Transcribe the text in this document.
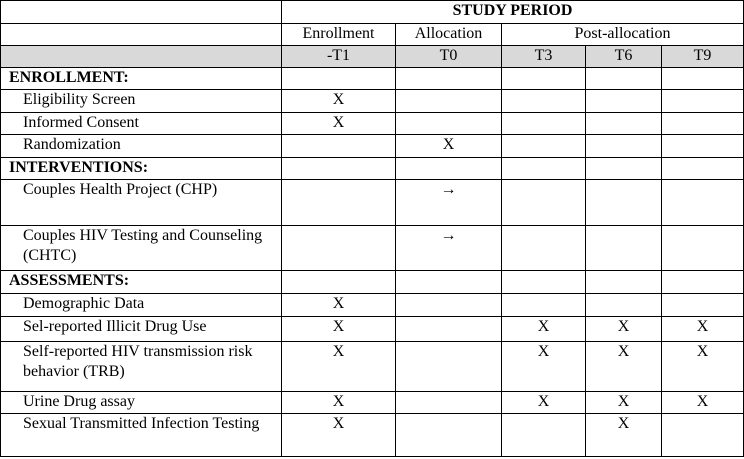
	STUDY PERIOD				
	Enrollment	Allocation	Post-allocation		
	-T1	T0	T3	T6	T9
ENROLLMENT:					
Eligibility Screen	X				
Informed Consent	X				
Randomization		X			
INTERVENTIONS:					
Couples Health Project (CHP)		→			
Couples HIV Testing and Counseling (CHTC)		→			
ASSESSMENTS:					
Demographic Data	X				
Sel-reported Illicit Drug Use	X		X	X	X
Self-reported HIV transmission risk behavior (TRB)	X		X	X	X
Urine Drug assay	X		X	X	X
Sexual Transmitted Infection Testing	X			X	
